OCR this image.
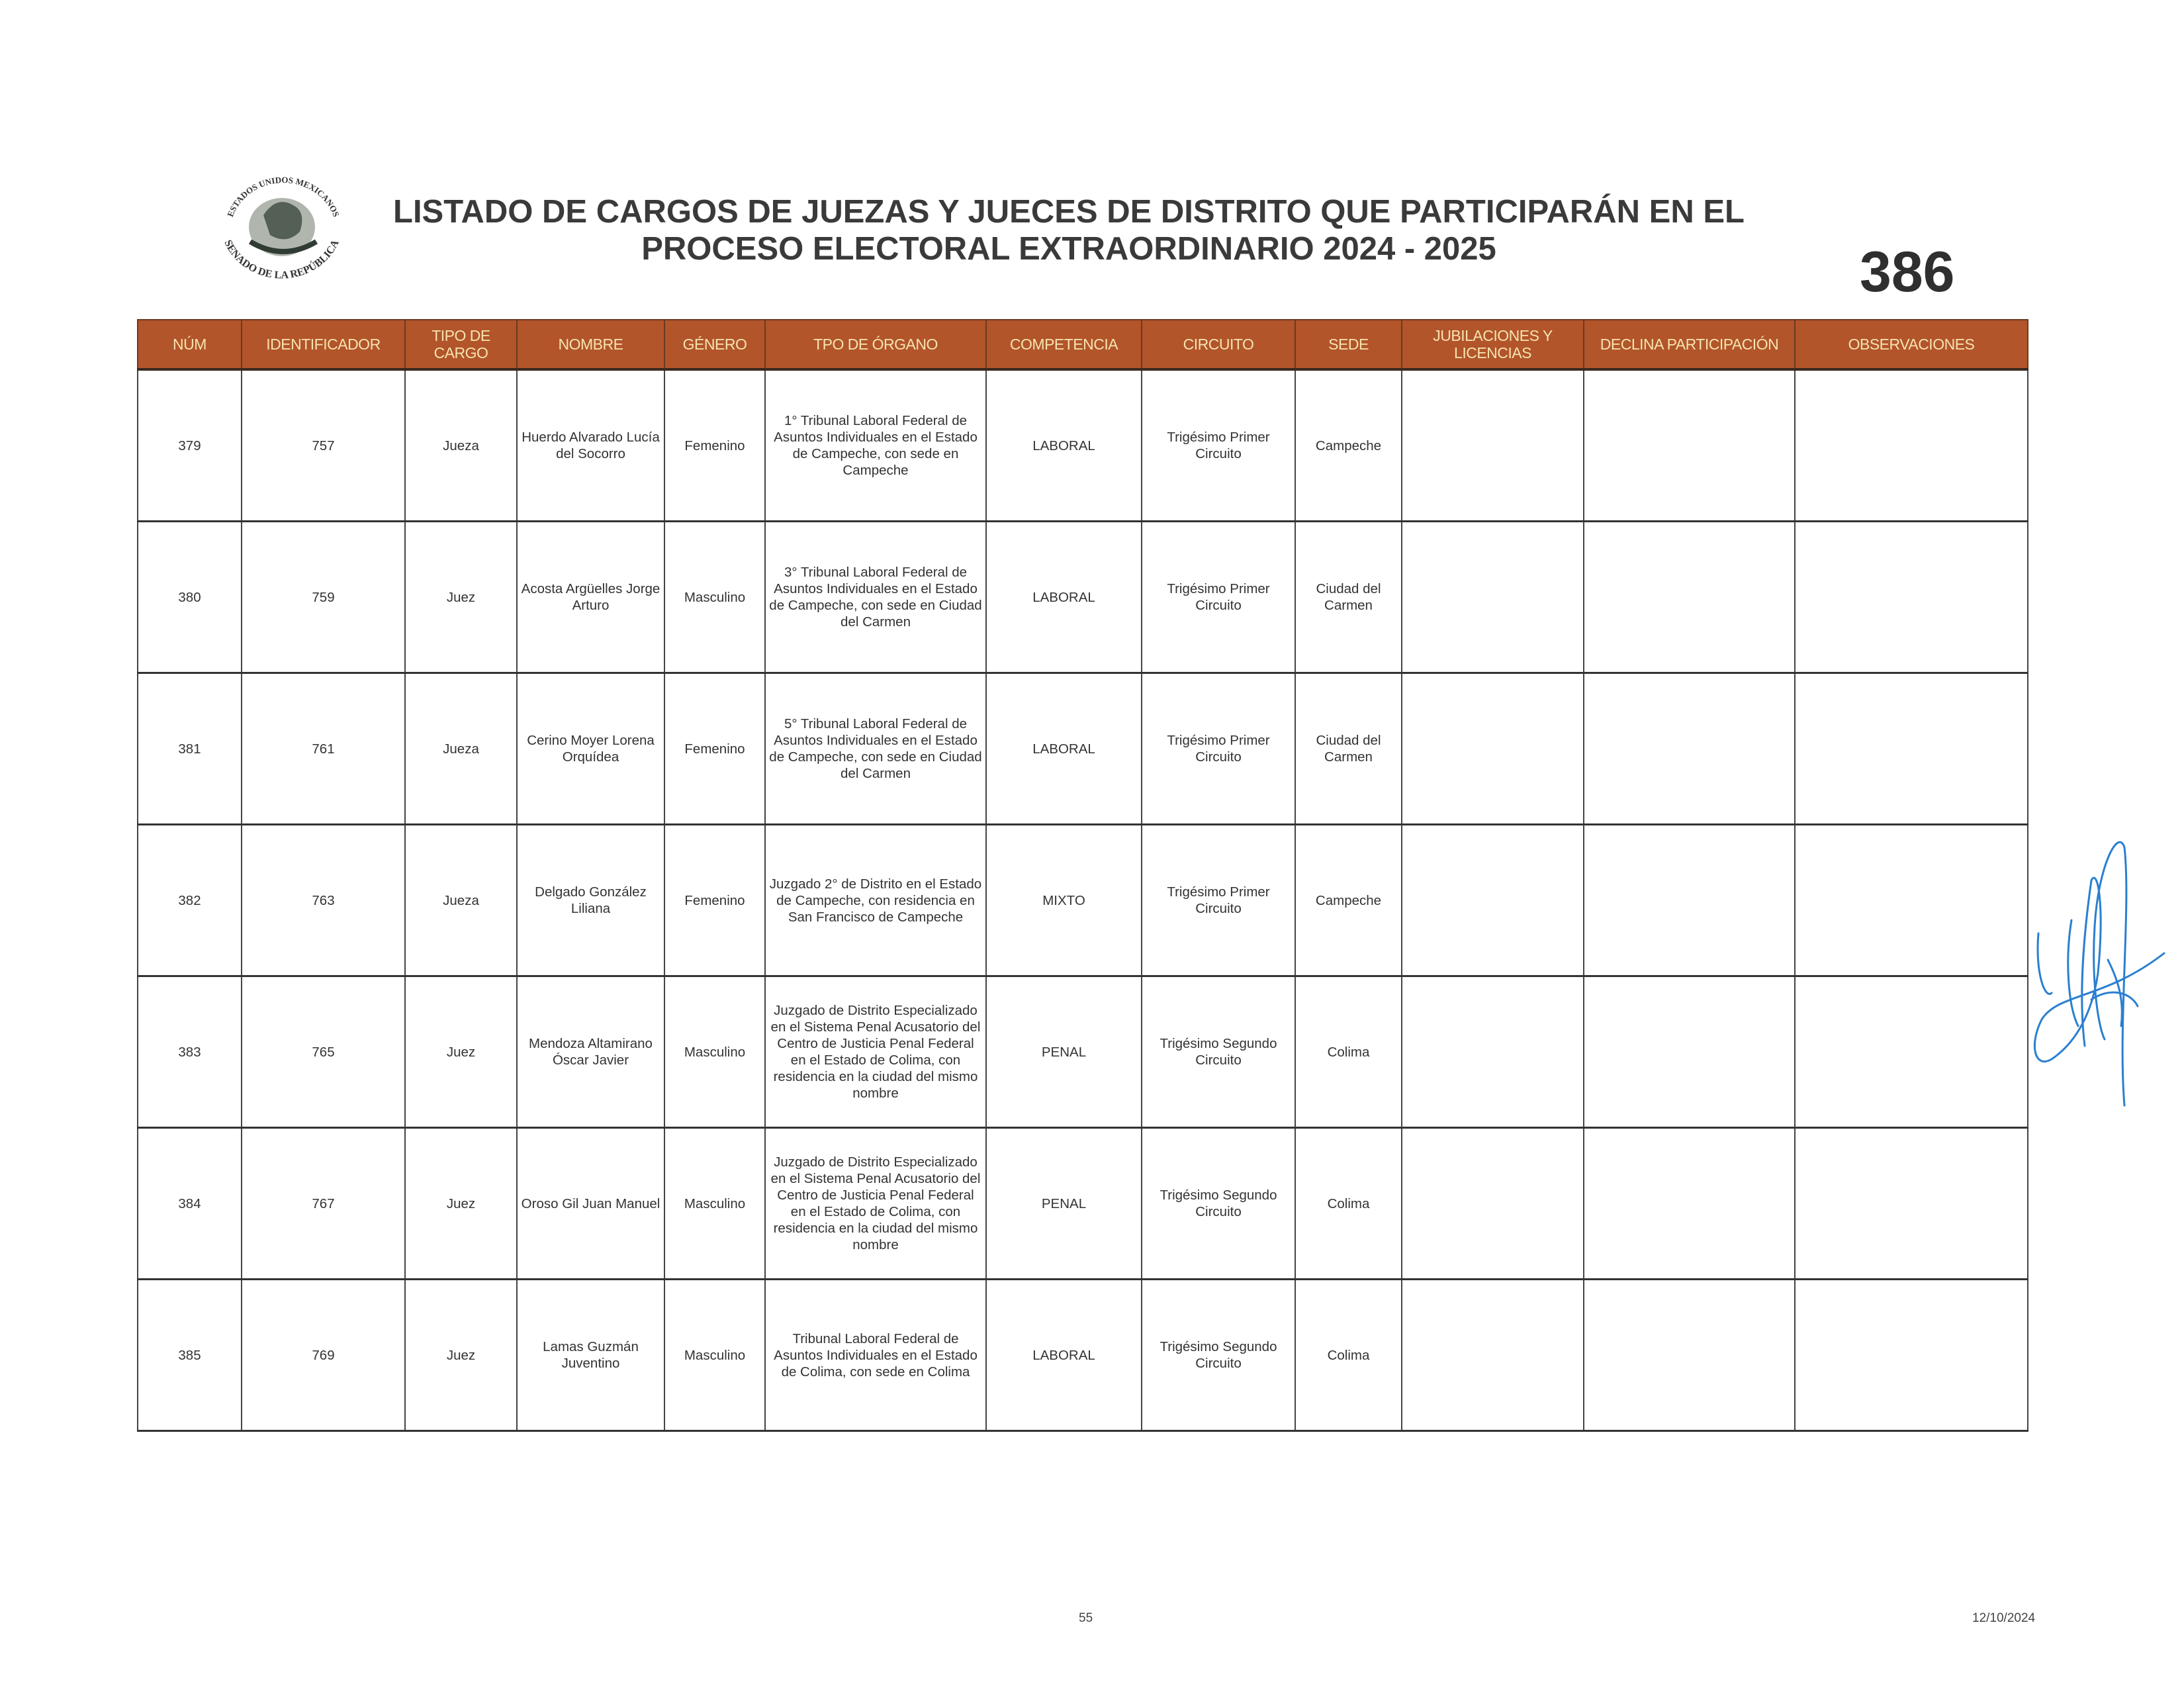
ESTADOS UNIDOS MEXICANOS
SENADO DE LA REPÚBLICA
LISTADO DE CARGOS DE JUEZAS Y JUECES DE DISTRITO QUE PARTICIPARÁN EN EL
PROCESO ELECTORAL EXTRAORDINARIO 2024 - 2025	386
NÚM	IDENTIFICADOR	TIPO DE CARGO	NOMBRE	GÉNERO	TPO DE ÓRGANO	COMPETENCIA	CIRCUITO	SEDE	JUBILACIONES Y LICENCIAS	DECLINA PARTICIPACIÓN	OBSERVACIONES
379	757	Jueza	Huerdo Alvarado Lucía del Socorro	Femenino	1° Tribunal Laboral Federal de Asuntos Individuales en el Estado de Campeche, con sede en Campeche	LABORAL	Trigésimo Primer Circuito	Campeche			
380	759	Juez	Acosta Argüelles Jorge Arturo	Masculino	3° Tribunal Laboral Federal de Asuntos Individuales en el Estado de Campeche, con sede en Ciudad del Carmen	LABORAL	Trigésimo Primer Circuito	Ciudad del Carmen			
381	761	Jueza	Cerino Moyer Lorena Orquídea	Femenino	5° Tribunal Laboral Federal de Asuntos Individuales en el Estado de Campeche, con sede en Ciudad del Carmen	LABORAL	Trigésimo Primer Circuito	Ciudad del Carmen			
382	763	Jueza	Delgado González Liliana	Femenino	Juzgado 2° de Distrito en el Estado de Campeche, con residencia en San Francisco de Campeche	MIXTO	Trigésimo Primer Circuito	Campeche			
383	765	Juez	Mendoza Altamirano Óscar Javier	Masculino	Juzgado de Distrito Especializado en el Sistema Penal Acusatorio del Centro de Justicia Penal Federal en el Estado de Colima, con residencia en la ciudad del mismo nombre	PENAL	Trigésimo Segundo Circuito	Colima			
384	767	Juez	Oroso Gil Juan Manuel	Masculino	Juzgado de Distrito Especializado en el Sistema Penal Acusatorio del Centro de Justicia Penal Federal en el Estado de Colima, con residencia en la ciudad del mismo nombre	PENAL	Trigésimo Segundo Circuito	Colima			
385	769	Juez	Lamas Guzmán Juventino	Masculino	Tribunal Laboral Federal de Asuntos Individuales en el Estado de Colima, con sede en Colima	LABORAL	Trigésimo Segundo Circuito	Colima			
55	12/10/2024
